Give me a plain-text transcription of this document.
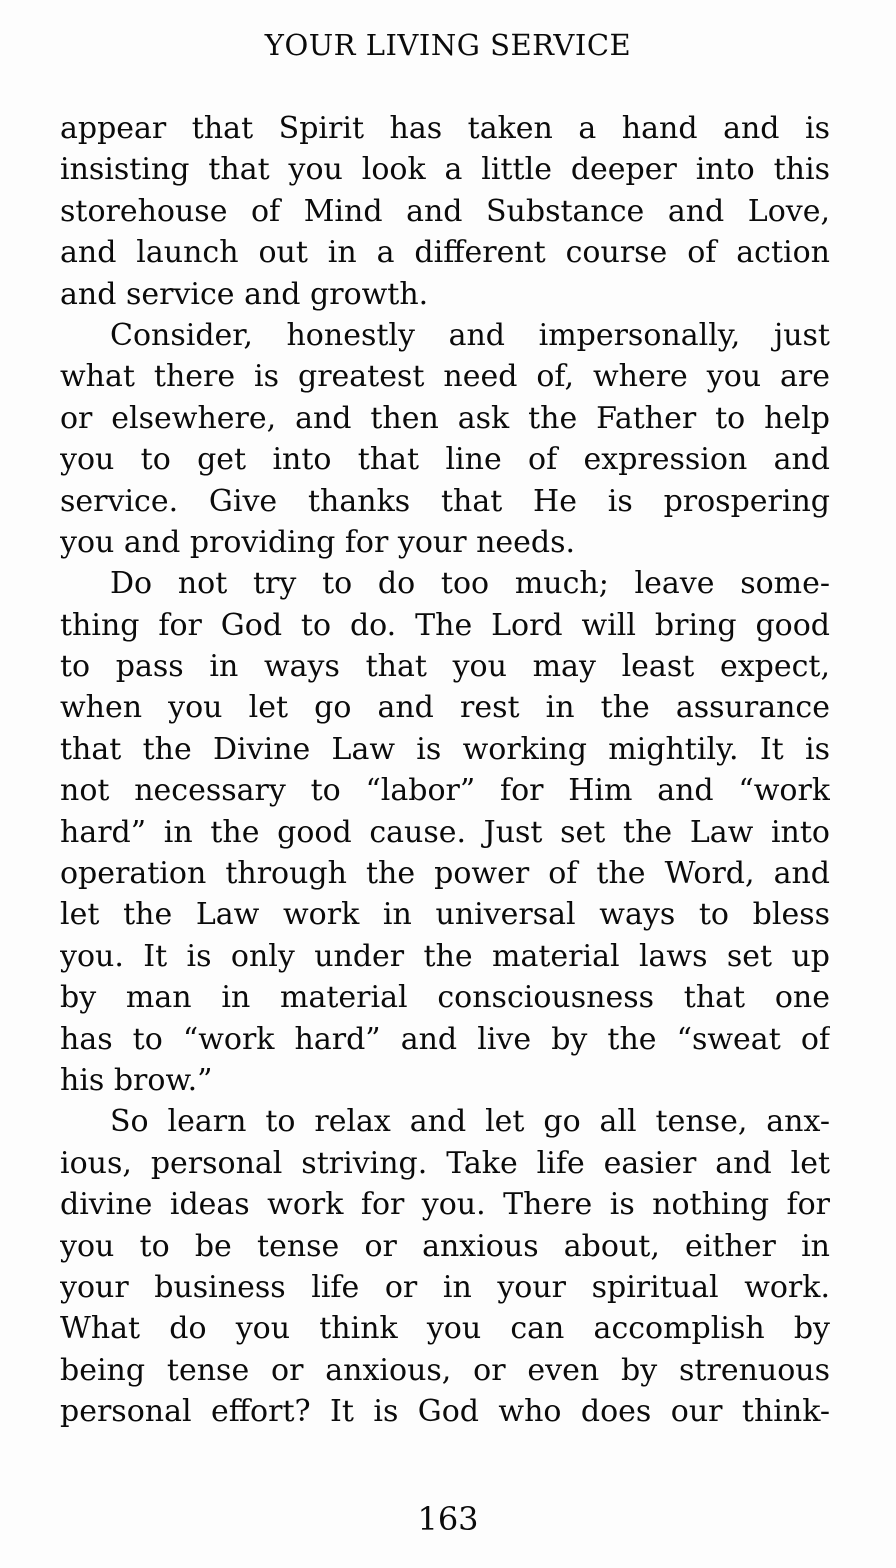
YOUR LIVING SERVICE
appear that Spirit has taken a hand and is
insisting that you look a little deeper into this
storehouse of Mind and Substance and Love,
and launch out in a different course of action
and service and growth.
Consider, honestly and impersonally, just
what there is greatest need of, where you are
or elsewhere, and then ask the Father to help
you to get into that line of expression and
service. Give thanks that He is prospering
you and providing for your needs.
Do not try to do too much; leave some-
thing for God to do. The Lord will bring good
to pass in ways that you may least expect,
when you let go and rest in the assurance
that the Divine Law is working mightily. It is
not necessary to “labor” for Him and “work
hard” in the good cause. Just set the Law into
operation through the power of the Word, and
let the Law work in universal ways to bless
you. It is only under the material laws set up
by man in material consciousness that one
has to “work hard” and live by the “sweat of
his brow.”
So learn to relax and let go all tense, anx-
ious, personal striving. Take life easier and let
divine ideas work for you. There is nothing for
you to be tense or anxious about, either in
your business life or in your spiritual work.
What do you think you can accomplish by
being tense or anxious, or even by strenuous
personal effort? It is God who does our think-
163
